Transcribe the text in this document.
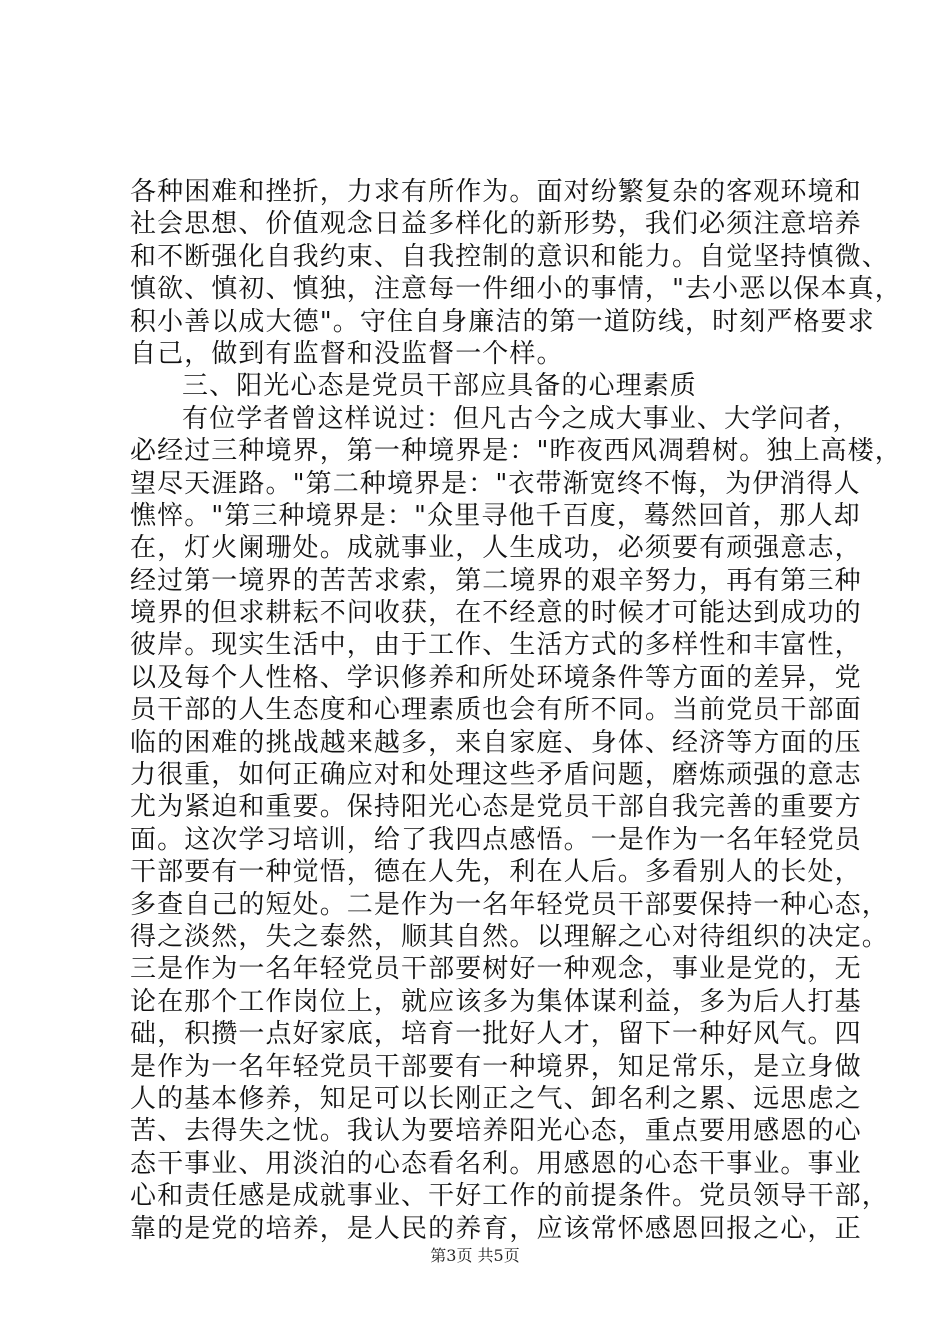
各种困难和挫折，力求有所作为。面对纷繁复杂的客观环境和
社会思想、价值观念日益多样化的新形势，我们必须注意培养
和不断强化自我约束、自我控制的意识和能力。自觉坚持慎微、
慎欲、慎初、慎独，注意每一件细小的事情，"去小恶以保本真，
积小善以成大德"。守住自身廉洁的第一道防线，时刻严格要求
自己，做到有监督和没监督一个样。
三、阳光心态是党员干部应具备的心理素质
有位学者曾这样说过：但凡古今之成大事业、大学问者，
必经过三种境界，第一种境界是："昨夜西风凋碧树。独上高楼，
望尽天涯路。"第二种境界是："衣带渐宽终不悔，为伊消得人
憔悴。"第三种境界是："众里寻他千百度，蓦然回首，那人却
在，灯火阑珊处。成就事业，人生成功，必须要有顽强意志，
经过第一境界的苦苦求索，第二境界的艰辛努力，再有第三种
境界的但求耕耘不问收获，在不经意的时候才可能达到成功的
彼岸。现实生活中，由于工作、生活方式的多样性和丰富性，
以及每个人性格、学识修养和所处环境条件等方面的差异，党
员干部的人生态度和心理素质也会有所不同。当前党员干部面
临的困难的挑战越来越多，来自家庭、身体、经济等方面的压
力很重，如何正确应对和处理这些矛盾问题，磨炼顽强的意志
尤为紧迫和重要。保持阳光心态是党员干部自我完善的重要方
面。这次学习培训，给了我四点感悟。一是作为一名年轻党员
干部要有一种觉悟，德在人先，利在人后。多看别人的长处，
多查自己的短处。二是作为一名年轻党员干部要保持一种心态，
得之淡然，失之泰然，顺其自然。以理解之心对待组织的决定。
三是作为一名年轻党员干部要树好一种观念，事业是党的，无
论在那个工作岗位上，就应该多为集体谋利益，多为后人打基
础，积攒一点好家底，培育一批好人才，留下一种好风气。四
是作为一名年轻党员干部要有一种境界，知足常乐，是立身做
人的基本修养，知足可以长刚正之气、卸名利之累、远思虑之
苦、去得失之忧。我认为要培养阳光心态，重点要用感恩的心
态干事业、用淡泊的心态看名利。用感恩的心态干事业。事业
心和责任感是成就事业、干好工作的前提条件。党员领导干部，
靠的是党的培养，是人民的养育，应该常怀感恩回报之心，正
第3页 共5页
